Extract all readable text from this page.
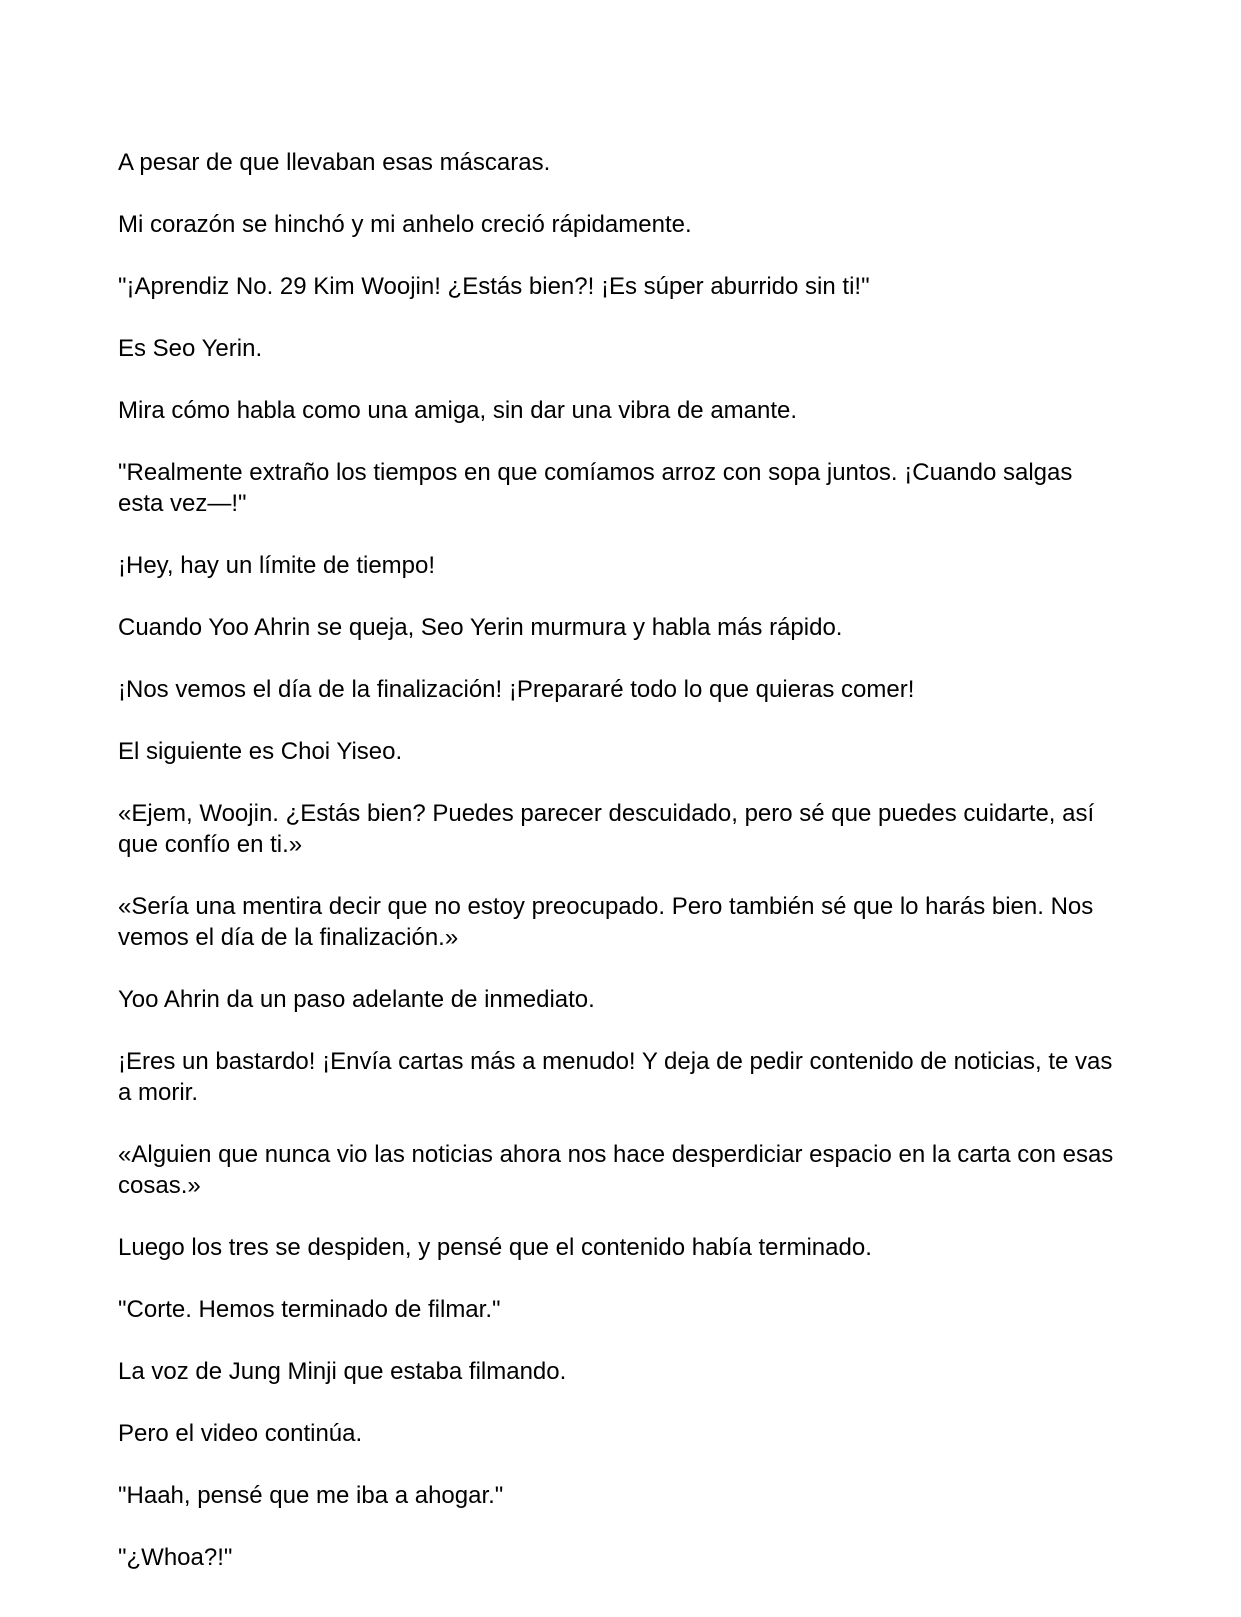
A pesar de que llevaban esas máscaras.

Mi corazón se hinchó y mi anhelo creció rápidamente.

"¡Aprendiz No. 29 Kim Woojin! ¿Estás bien?! ¡Es súper aburrido sin ti!"

Es Seo Yerin.

Mira cómo habla como una amiga, sin dar una vibra de amante.

"Realmente extraño los tiempos en que comíamos arroz con sopa juntos. ¡Cuando salgas esta vez—!"

¡Hey, hay un límite de tiempo!

Cuando Yoo Ahrin se queja, Seo Yerin murmura y habla más rápido.

¡Nos vemos el día de la finalización! ¡Prepararé todo lo que quieras comer!

El siguiente es Choi Yiseo.

«Ejem, Woojin. ¿Estás bien? Puedes parecer descuidado, pero sé que puedes cuidarte, así que confío en ti.»

«Sería una mentira decir que no estoy preocupado. Pero también sé que lo harás bien. Nos vemos el día de la finalización.»

Yoo Ahrin da un paso adelante de inmediato.

¡Eres un bastardo! ¡Envía cartas más a menudo! Y deja de pedir contenido de noticias, te vas a morir.

«Alguien que nunca vio las noticias ahora nos hace desperdiciar espacio en la carta con esas cosas.»

Luego los tres se despiden, y pensé que el contenido había terminado.

"Corte. Hemos terminado de filmar."

La voz de Jung Minji que estaba filmando.

Pero el video continúa.

"Haah, pensé que me iba a ahogar."

"¿Whoa?!"
